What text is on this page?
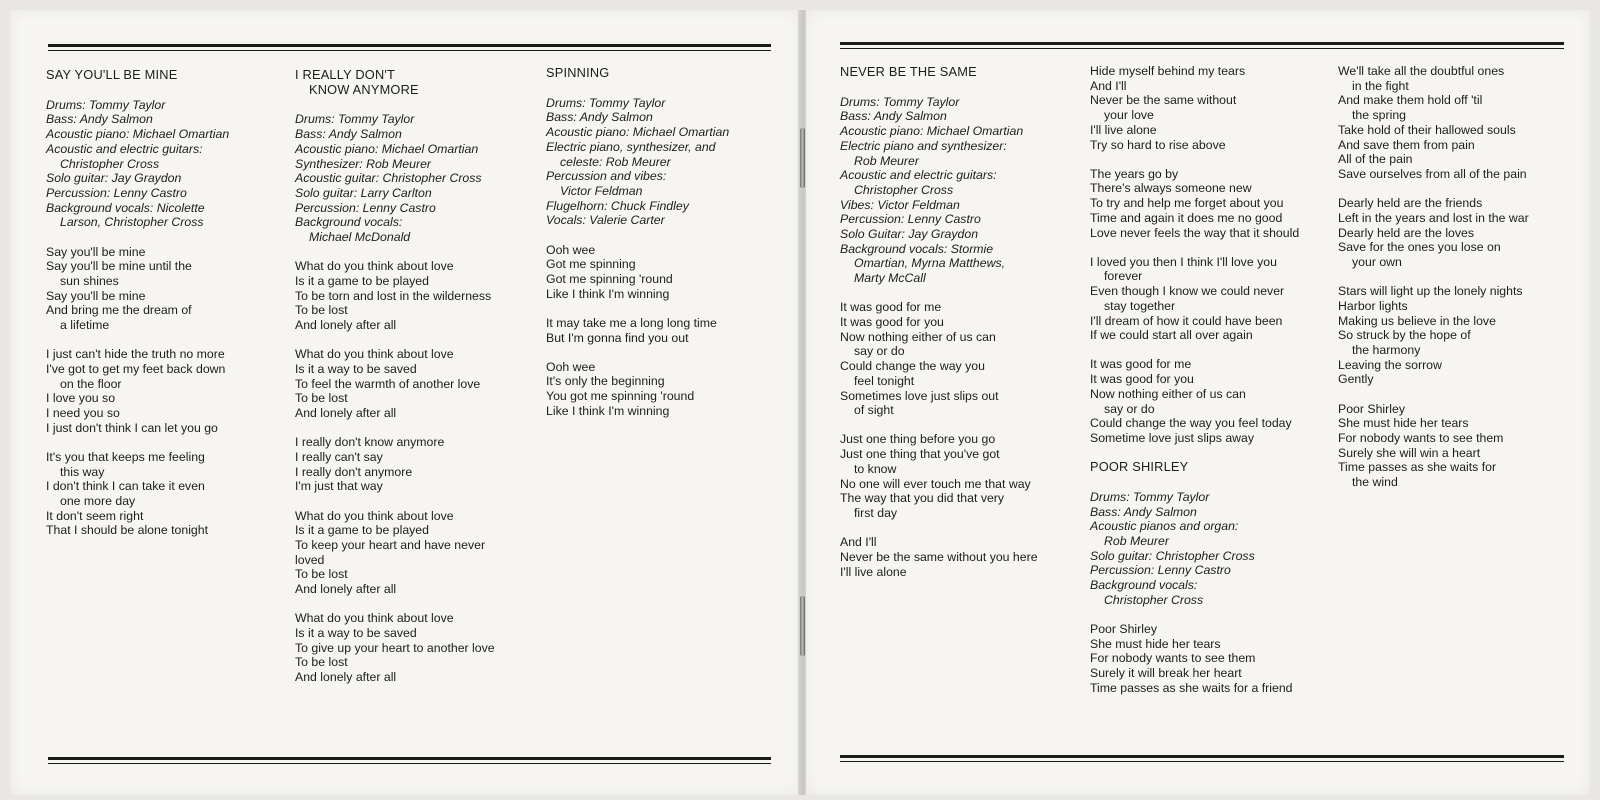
SAY YOU'LL BE MINE
Drums: Tommy Taylor
Bass: Andy Salmon
Acoustic piano: Michael Omartian
Acoustic and electric guitars:
Christopher Cross
Solo guitar: Jay Graydon
Percussion: Lenny Castro
Background vocals: Nicolette
Larson, Christopher Cross
Say you'll be mine
Say you'll be mine until the
sun shines
Say you'll be mine
And bring me the dream of
a lifetime
I just can't hide the truth no more
I've got to get my feet back down
on the floor
I love you so
I need you so
I just don't think I can let you go
It's you that keeps me feeling
this way
I don't think I can take it even
one more day
It don't seem right
That I should be alone tonight
I REALLY DON'T
KNOW ANYMORE
Drums: Tommy Taylor
Bass: Andy Salmon
Acoustic piano: Michael Omartian
Synthesizer: Rob Meurer
Acoustic guitar: Christopher Cross
Solo guitar: Larry Carlton
Percussion: Lenny Castro
Background vocals:
Michael McDonald
What do you think about love
Is it a game to be played
To be torn and lost in the wilderness
To be lost
And lonely after all
What do you think about love
Is it a way to be saved
To feel the warmth of another love
To be lost
And lonely after all
I really don't know anymore
I really can't say
I really don't anymore
I'm just that way
What do you think about love
Is it a game to be played
To keep your heart and have never
loved
To be lost
And lonely after all
What do you think about love
Is it a way to be saved
To give up your heart to another love
To be lost
And lonely after all
SPINNING
Drums: Tommy Taylor
Bass: Andy Salmon
Acoustic piano: Michael Omartian
Electric piano, synthesizer, and
celeste: Rob Meurer
Percussion and vibes:
Victor Feldman
Flugelhorn: Chuck Findley
Vocals: Valerie Carter
Ooh wee
Got me spinning
Got me spinning 'round
Like I think I'm winning
It may take me a long long time
But I'm gonna find you out
Ooh wee
It's only the beginning
You got me spinning 'round
Like I think I'm winning
NEVER BE THE SAME
Drums: Tommy Taylor
Bass: Andy Salmon
Acoustic piano: Michael Omartian
Electric piano and synthesizer:
Rob Meurer
Acoustic and electric guitars:
Christopher Cross
Vibes: Victor Feldman
Percussion: Lenny Castro
Solo Guitar: Jay Graydon
Background vocals: Stormie
Omartian, Myrna Matthews,
Marty McCall
It was good for me
It was good for you
Now nothing either of us can
say or do
Could change the way you
feel tonight
Sometimes love just slips out
of sight
Just one thing before you go
Just one thing that you've got
to know
No one will ever touch me that way
The way that you did that very
first day
And I'll
Never be the same without you here
I'll live alone
Hide myself behind my tears
And I'll
Never be the same without
your love
I'll live alone
Try so hard to rise above
The years go by
There's always someone new
To try and help me forget about you
Time and again it does me no good
Love never feels the way that it should
I loved you then I think I'll love you
forever
Even though I know we could never
stay together
I'll dream of how it could have been
If we could start all over again
It was good for me
It was good for you
Now nothing either of us can
say or do
Could change the way you feel today
Sometime love just slips away
POOR SHIRLEY
Drums: Tommy Taylor
Bass: Andy Salmon
Acoustic pianos and organ:
Rob Meurer
Solo guitar: Christopher Cross
Percussion: Lenny Castro
Background vocals:
Christopher Cross
Poor Shirley
She must hide her tears
For nobody wants to see them
Surely it will break her heart
Time passes as she waits for a friend
We'll take all the doubtful ones
in the fight
And make them hold off 'til
the spring
Take hold of their hallowed souls
And save them from pain
All of the pain
Save ourselves from all of the pain
Dearly held are the friends
Left in the years and lost in the war
Dearly held are the loves
Save for the ones you lose on
your own
Stars will light up the lonely nights
Harbor lights
Making us believe in the love
So struck by the hope of
the harmony
Leaving the sorrow
Gently
Poor Shirley
She must hide her tears
For nobody wants to see them
Surely she will win a heart
Time passes as she waits for
the wind
